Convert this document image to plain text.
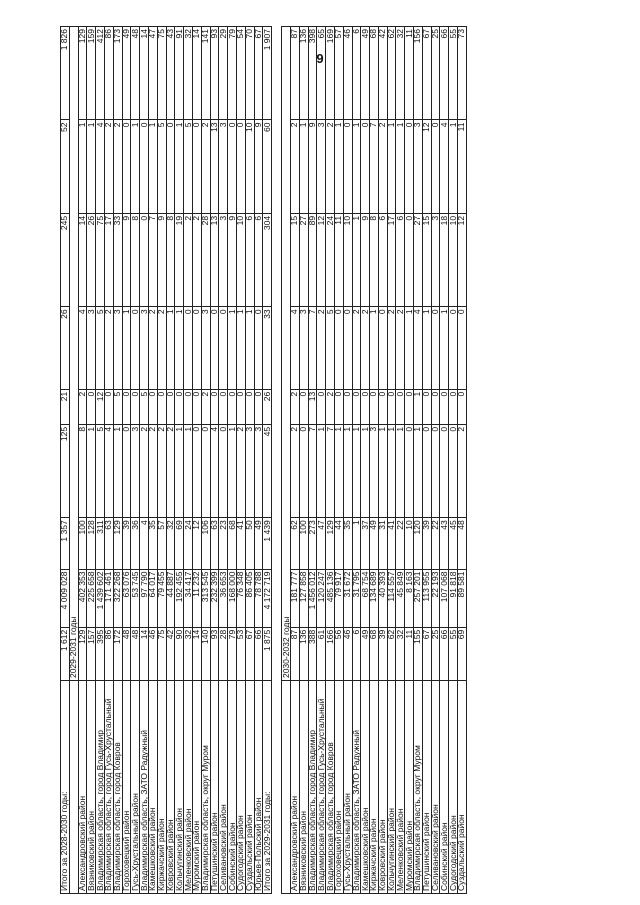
9
Итого за 2028-2030 годы:	1 612	4 009 028	1 357	125	21	26	245	52	1 826
	2029-2031 годы								
Александровский район	129	402 353	100	8	2	4	14	1	129
Вязниковский район	157	225 658	128	1	0	3	26	1	159
Владимирская область, город Владимир	395	1 439 602	311	5	12	5	75	4	412
Владимирская область, город Гусь-Хрустальный	86	171 461	63	4	0	2	17	2	86
Владимирская область, город Ковров	172	322 268	129	1	5	3	33	2	173
Гороховецкий район	48	63 076	39	0	0	1	9	0	49
Гусь-Хрустальный район	48	53 745	36	3	0	0	8	1	48
Владимирская область, ЗАТО Радужный	14	97 790	4	2	5	3	0	0	14
Камешковский район	46	64 017	35	2	0	2	7	1	47
Киржачский район	75	79 455	57	2	0	2	9	5	75
Ковровский район	42	44 887	32	2	0	1	8	0	43
Кольчугинский район	90	192 455	69	1	0	1	19	1	91
Меленковский район	32	34 417	24	1	0	0	2	5	32
Муромский район	14	11 232	12	0	0	0	2	0	14
Владимирская область, округ Муром	140	313 545	106	0	2	3	28	2	141
Петушинский район	93	232 399	63	4	0	0	13	13	93
Селивановский район	28	36 653	23	0	0	0	3	3	29
Собинский район	79	168 000	68	1	0	1	9	0	79
Судогодский район	53	76 348	41	2	0	1	10	0	54
Суздальский район	67	86 405	50	3	0	1	6	10	70
Юрьев-Польский район	66	78 788	49	3	0	0	6	9	67
Итого за 2029-2031 годы:	1 875	4 172 719	1 439	45	26	33	304	60	1 907

	2030-2032 годы								
Александровский район	87	181 777	62	2	2	4	15	2	87
Вязниковский район	136	127 858	100	0	0	3	27	1	136
Владимирская область, город Владимир	388	1 456 012	273	7	13	7	89	9	398
Владимирская область, город Гусь-Хрустальный	61	120 247	47	1	0	2	12	3	65
Владимирская область, город Ковров	166	485 136	129	7	2	5	24	2	169
Гороховецкий район	56	79 917	44	1	0	0	11	1	57
Гусь-Хрустальный район	46	31 672	35	1	0	0	10	0	46
Владимирская область, ЗАТО Радужный	6	31 795	1	1	0	2	1	1	6
Камешковский район	49	68 754	37	1	0	2	9	0	49
Киржачский район	68	134 689	49	3	0	1	8	7	68
Ковровский район	39	40 393	31	1	0	0	6	2	42
Кольчугинский район	62	114 557	41	1	0	2	17	1	62
Меленковский район	32	45 849	22	1	0	2	6	1	32
Муромский район	11	8 163	10	0	0	1	0	0	11
Владимирская область, округ Муром	155	257 201	120	1	1	4	27	3	156
Петушинский район	67	113 955	39	0	0	1	15	12	67
Селивановский район	25	22 193	22	0	0	0	3	0	25
Собинский район	66	107 068	43	0	0	1	18	4	66
Судогодский район	55	91 818	45	0	0	0	10	1	55
Суздальский район	69	89 581	48	2	0	0	12	11	73
